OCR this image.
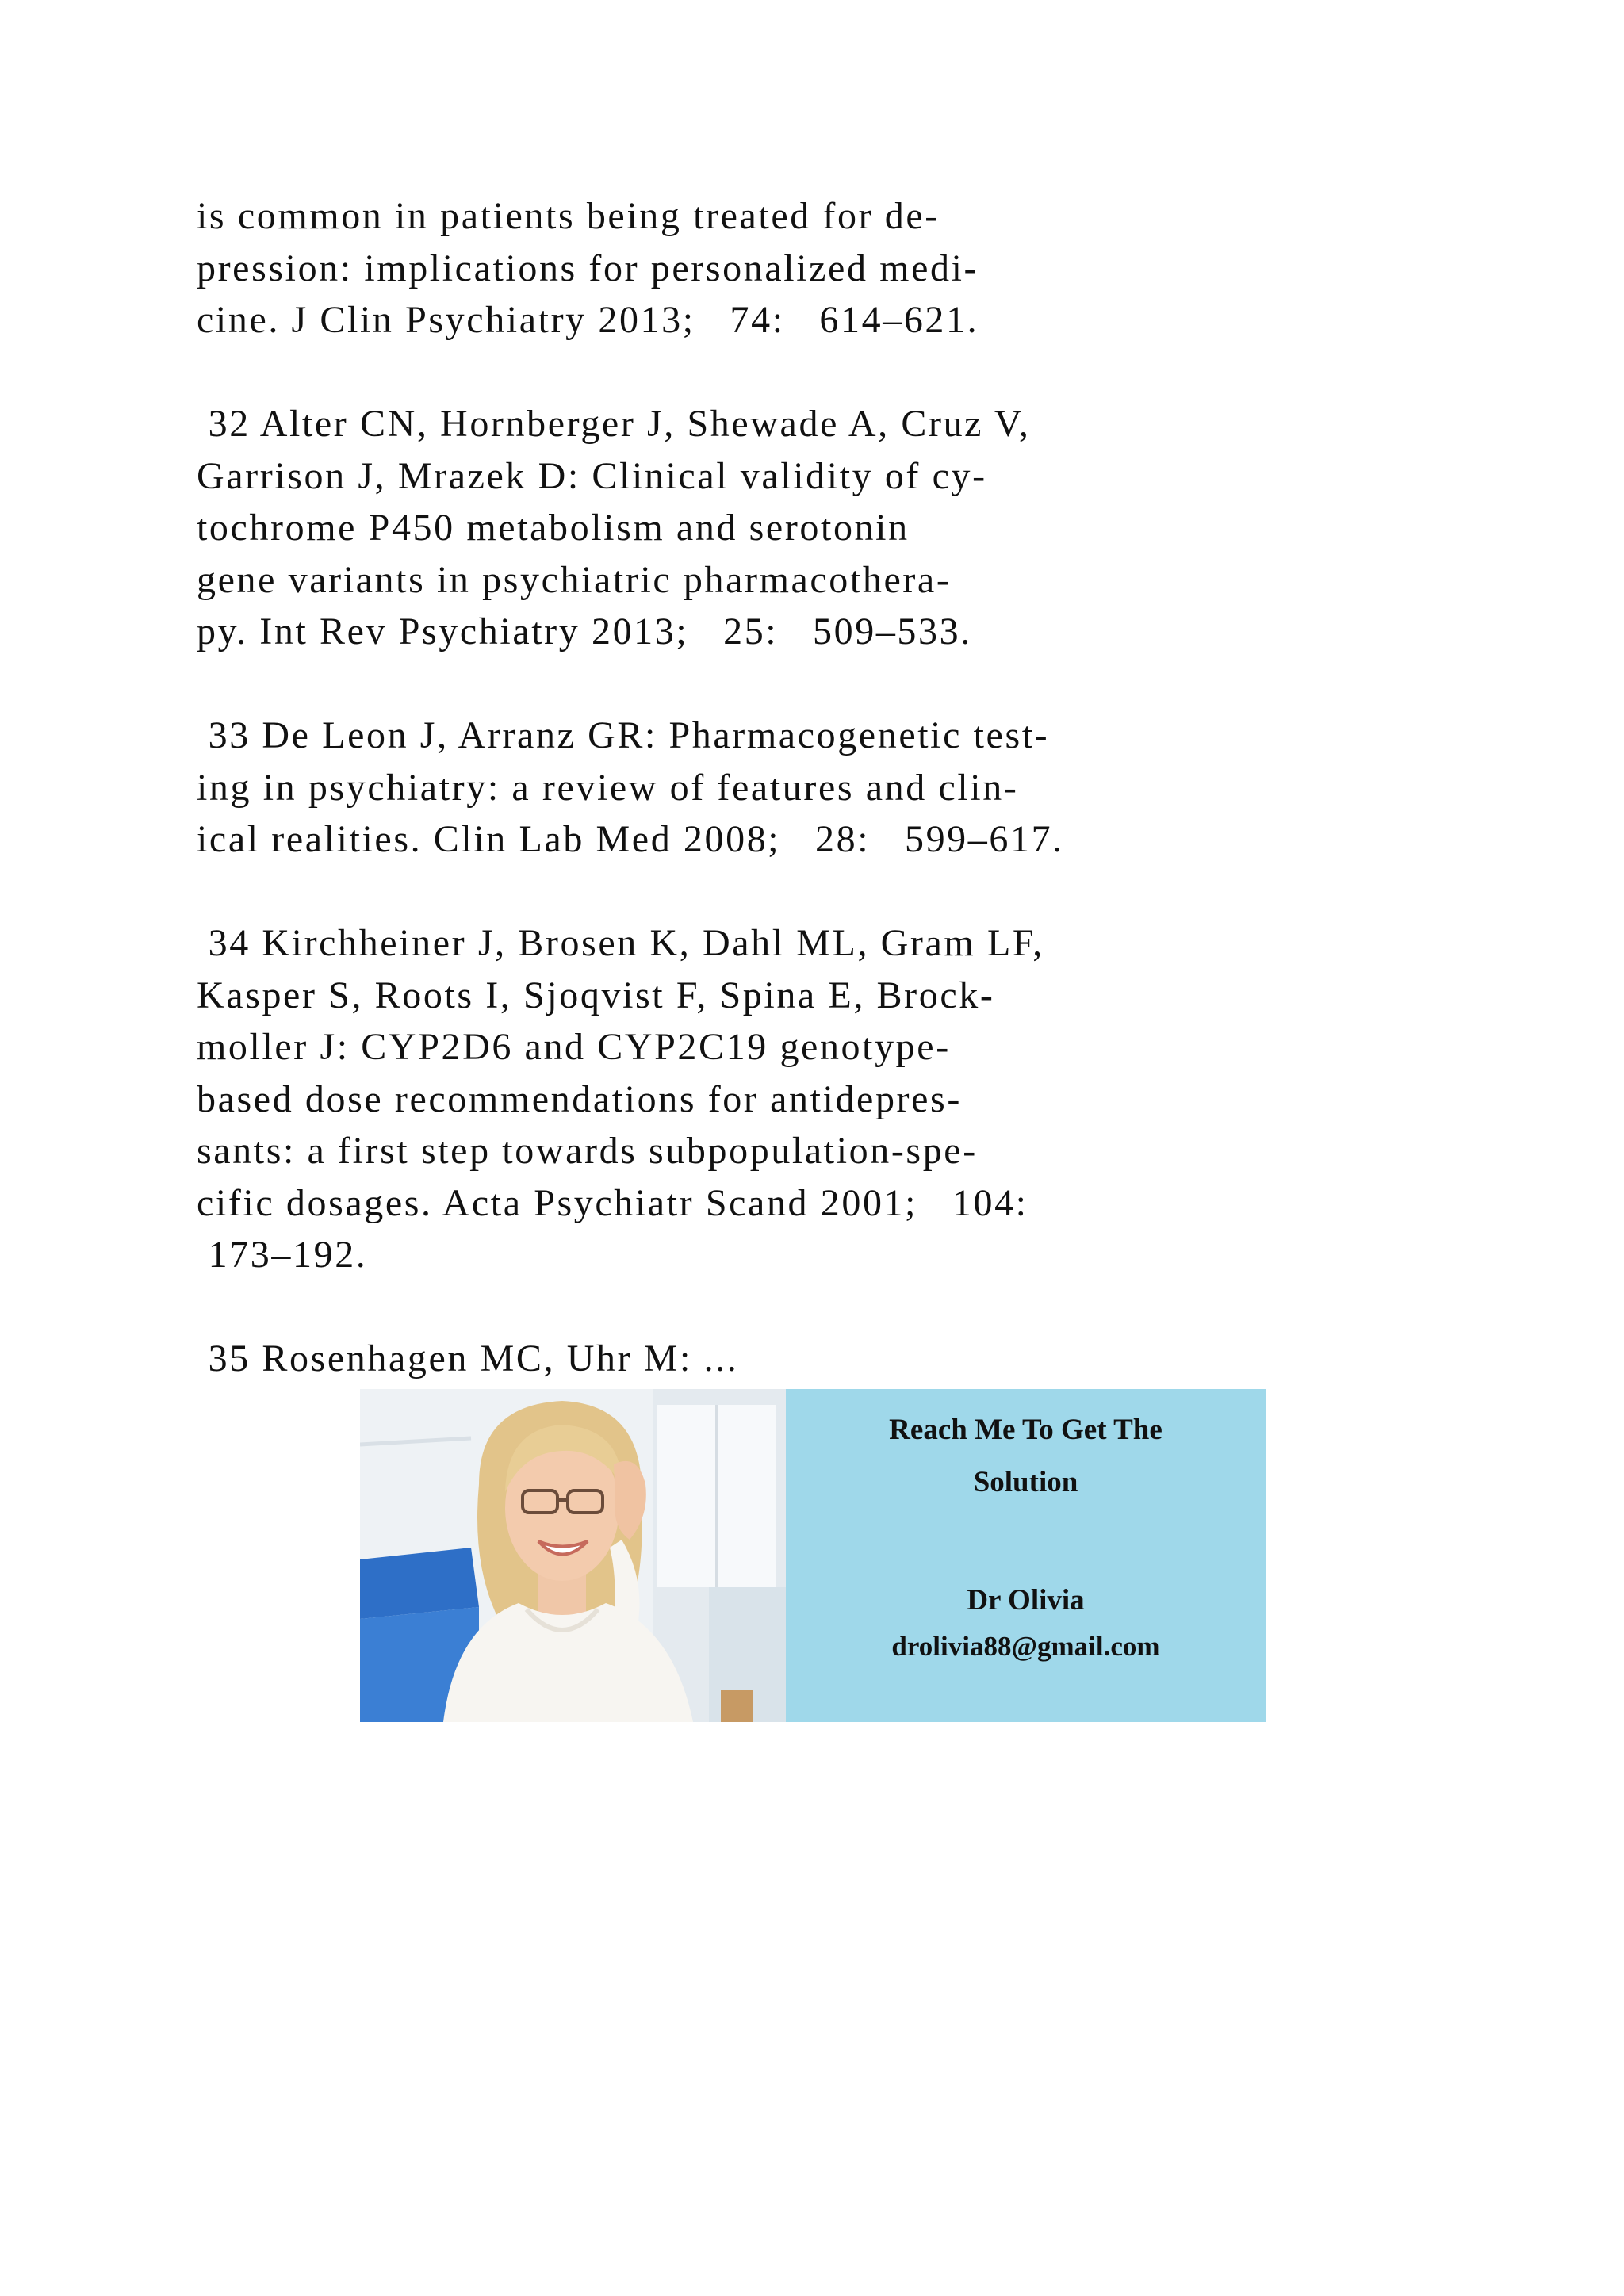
is common in patients being treated for de-
pression: implications for personalized medi-
cine. J Clin Psychiatry 2013;   74:   614–621.
32 Alter CN, Hornberger J, Shewade A, Cruz V,
Garrison J, Mrazek D: Clinical validity of cy-
tochrome P450 metabolism and serotonin
gene variants in psychiatric pharmacothera-
py. Int Rev Psychiatry 2013;   25:   509–533.
33 De Leon J, Arranz GR: Pharmacogenetic test-
ing in psychiatry: a review of features and clin-
ical realities. Clin Lab Med 2008;   28:   599–617.
34 Kirchheiner J, Brosen K, Dahl ML, Gram LF,
Kasper S, Roots I, Sjoqvist F, Spina E, Brock-
moller J: CYP2D6 and CYP2C19 genotype-
based dose recommendations for antidepres-
sants: a first step towards subpopulation-spe-
cific dosages. Acta Psychiatr Scand 2001;   104:
173–192.
35 Rosenhagen MC, Uhr M: ...
Reach Me To Get The
Solution
Dr Olivia
drolivia88@gmail.com
